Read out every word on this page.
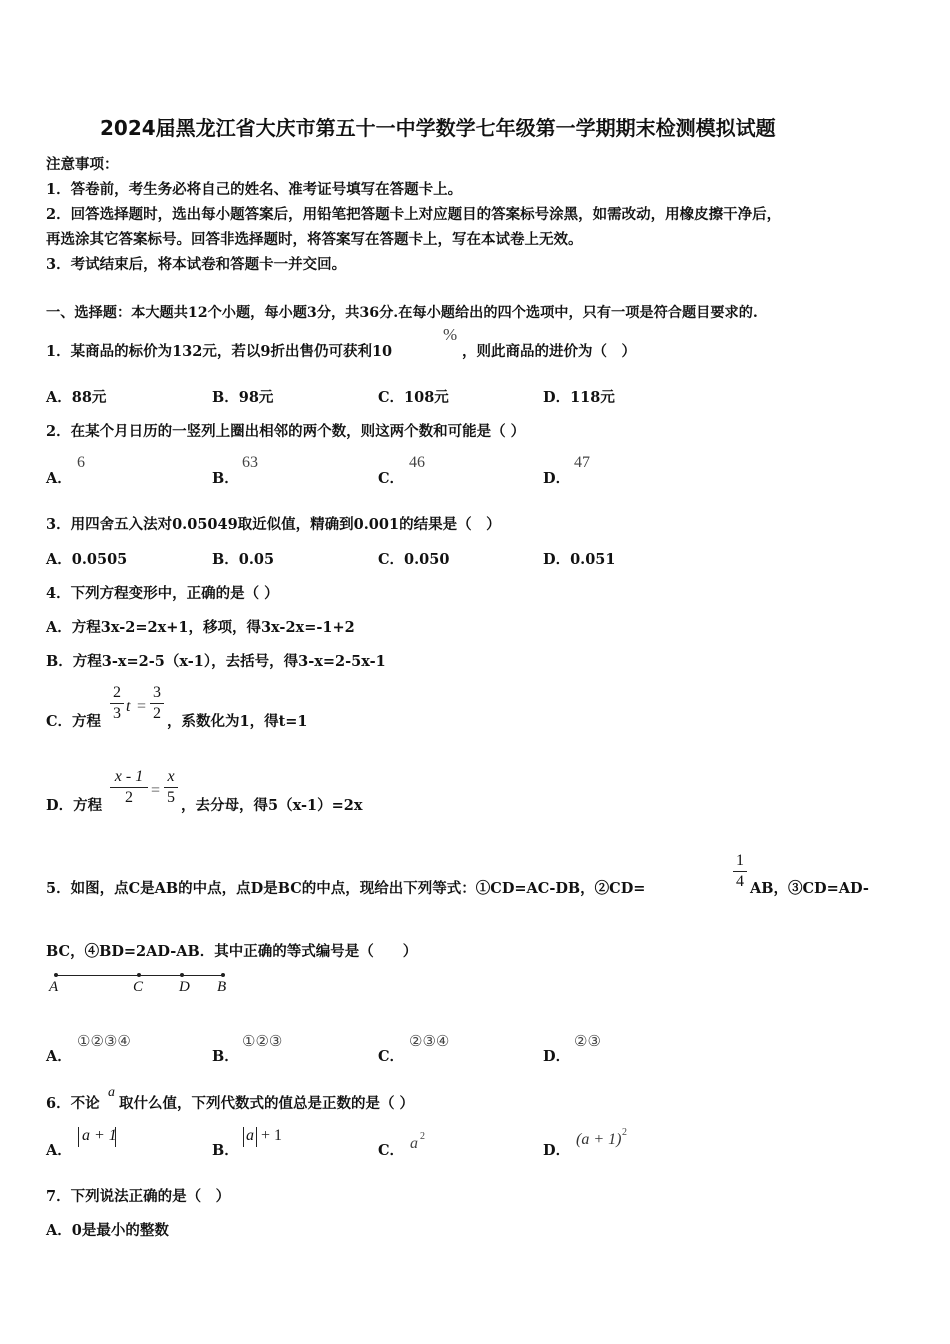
2024届黑龙江省大庆市第五十一中学数学七年级第一学期期末检测模拟试题
注意事项：
1．答卷前，考生务必将自己的姓名、准考证号填写在答题卡上。
2．回答选择题时，选出每小题答案后，用铅笔把答题卡上对应题目的答案标号涂黑，如需改动，用橡皮擦干净后，
再选涂其它答案标号。回答非选择题时，将答案写在答题卡上，写在本试卷上无效。
3．考试结束后，将本试卷和答题卡一并交回。
一、选择题：本大题共12个小题，每小题3分，共36分.在每小题给出的四个选项中，只有一项是符合题目要求的.
1．某商品的标价为132元，若以9折出售仍可获利10
%
，则此商品的进价为（　）
A．88元	B．98元	C．108元	D．118元
2．在某个月日历的一竖列上圈出相邻的两个数，则这两个数和可能是（ ）
A．
6
B．
63
C．
46
D．
47
3．用四舍五入法对0.05049取近似值，精确到0.001的结果是（　）
A．0.0505	B．0.05	C．0.050	D．0.051
4．下列方程变形中，正确的是（ ）
A．方程3x-2=2x+1，移项，得3x-2x=-1+2
B．方程3-x=2-5（x-1），去括号，得3-x=2-5x-1
C．方程
2
3 t =
3
2 ，系数化为1，得t=1
D．方程
x - 1
2	=
x
5 ，去分母，得5（x-1）=2x
5．如图，点C是AB的中点，点D是BC的中点，现给出下列等式：①CD=AC-DB，②CD=
1
4 AB，③CD=AD-
BC，④BD=2AD-AB．其中正确的等式编号是（　　）
A	C D B
A．
①②③④
B．
①②③
C．
②③④
D．
②③
6．不论
a
取什么值，下列代数式的值总是正数的是（ ）
A．
a + 1
B．
a + 1
C． a 2
D．
(a + 1) 2
7．下列说法正确的是（　）
A．0是最小的整数
